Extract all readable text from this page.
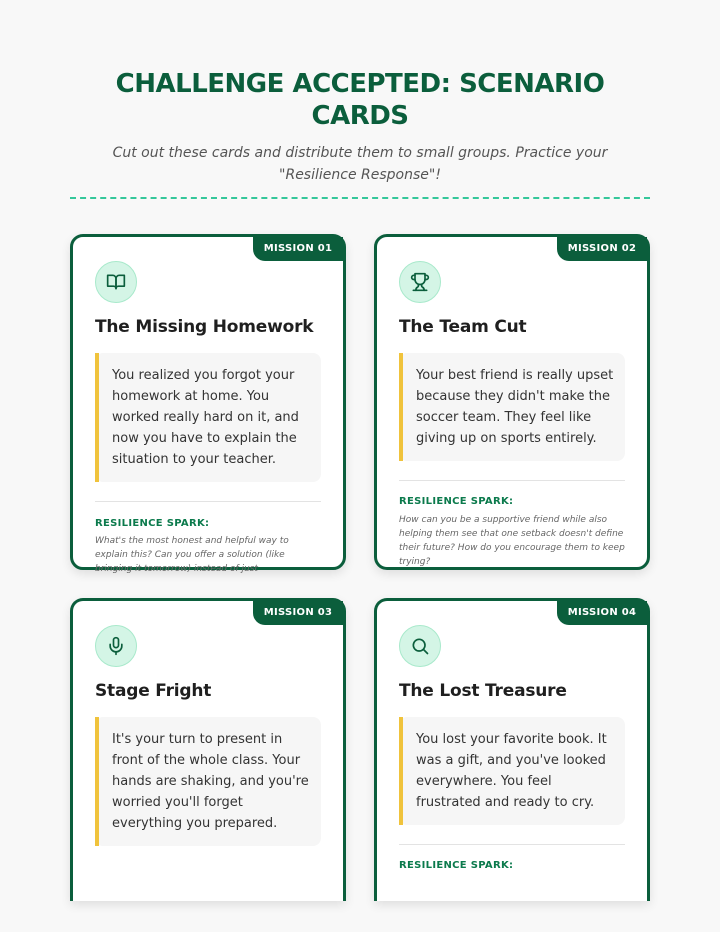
CHALLENGE ACCEPTED: SCENARIO CARDS
Cut out these cards and distribute them to small groups. Practice your "Resilience Response"!
MISSION 01
The Missing Homework

You realized you forgot your homework at home. You worked really hard on it, and now you have to explain the situation to your teacher.

RESILIENCE SPARK:
What's the most honest and helpful way to explain this? Can you offer a solution (like bringing it tomorrow) instead of just
MISSION 02
The Team Cut

Your best friend is really upset because they didn't make the soccer team. They feel like giving up on sports entirely.

RESILIENCE SPARK:
How can you be a supportive friend while also helping them see that one setback doesn't define their future? How do you encourage them to keep trying?
MISSION 03
Stage Fright

It's your turn to present in front of the whole class. Your hands are shaking, and you're worried you'll forget everything you prepared.

MISSION 04
The Lost Treasure

You lost your favorite book. It was a gift, and you've looked everywhere. You feel frustrated and ready to cry.

RESILIENCE SPARK:
